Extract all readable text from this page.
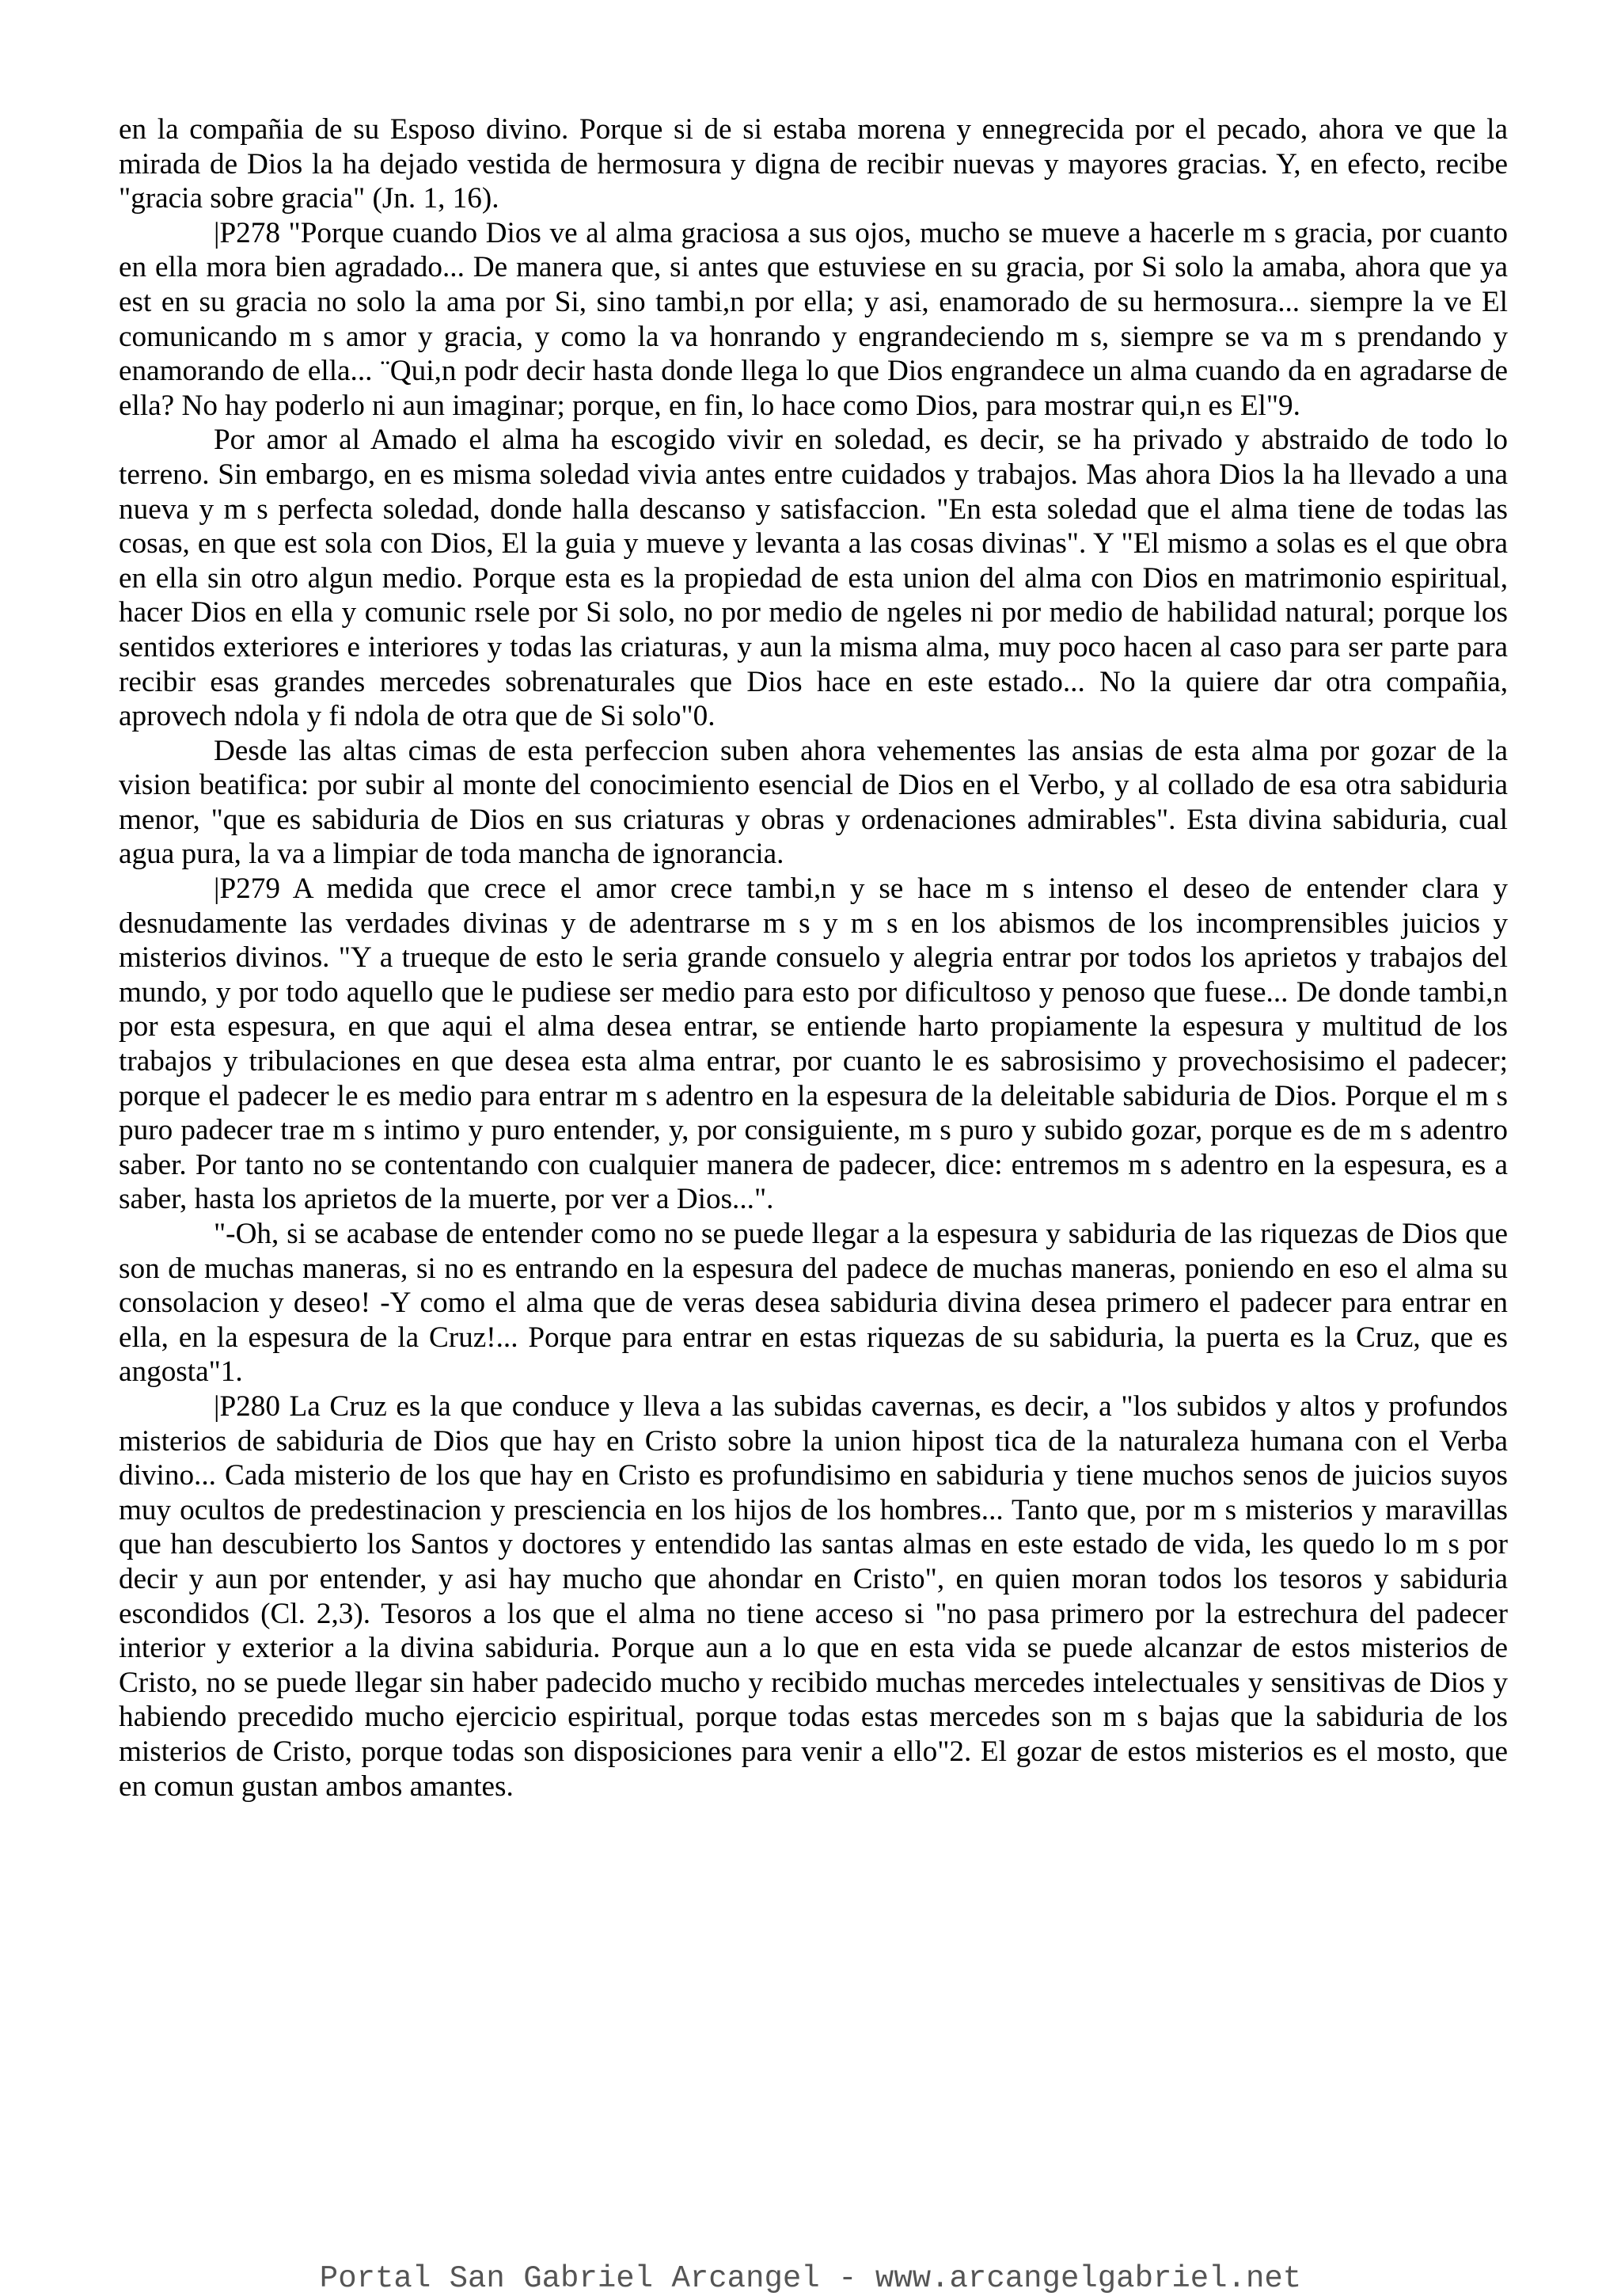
en la compañia de su Esposo divino. Porque si de si estaba morena y ennegrecida por el pecado, ahora ve que la mirada de Dios la ha dejado vestida de hermosura y digna de recibir nuevas y mayores gracias. Y, en efecto, recibe "gracia sobre gracia" (Jn. 1, 16).

|P278 "Porque cuando Dios ve al alma graciosa a sus ojos, mucho se mueve a hacerle m s gracia, por cuanto en ella mora bien agradado... De manera que, si antes que estuviese en su gracia, por Si solo la amaba, ahora que ya est en su gracia no solo la ama por Si, sino tambi,n por ella; y asi, enamorado de su hermosura... siempre la ve El comunicando m s amor y gracia, y como la va honrando y engrandeciendo m s, siempre se va m s prendando y enamorando de ella... ¨Qui,n podr decir hasta donde llega lo que Dios engrandece un alma cuando da en agradarse de ella? No hay poderlo ni aun imaginar; porque, en fin, lo hace como Dios, para mostrar qui,n es El"9.

Por amor al Amado el alma ha escogido vivir en soledad, es decir, se ha privado y abstraido de todo lo terreno. Sin embargo, en es misma soledad vivia antes entre cuidados y trabajos. Mas ahora Dios la ha llevado a una nueva y m s perfecta soledad, donde halla descanso y satisfaccion. "En esta soledad que el alma tiene de todas las cosas, en que est sola con Dios, El la guia y mueve y levanta a las cosas divinas". Y "El mismo a solas es el que obra en ella sin otro algun medio. Porque esta es la propiedad de esta union del alma con Dios en matrimonio espiritual, hacer Dios en ella y comunic rsele por Si solo, no por medio de ngeles ni por medio de habilidad natural; porque los sentidos exteriores e interiores y todas las criaturas, y aun la misma alma, muy poco hacen al caso para ser parte para recibir esas grandes mercedes sobrenaturales que Dios hace en este estado... No la quiere dar otra compañia, aprovech ndola y fi ndola de otra que de Si solo"0.

Desde las altas cimas de esta perfeccion suben ahora vehementes las ansias de esta alma por gozar de la vision beatifica: por subir al monte del conocimiento esencial de Dios en el Verbo, y al collado de esa otra sabiduria menor, "que es sabiduria de Dios en sus criaturas y obras y ordenaciones admirables". Esta divina sabiduria, cual agua pura, la va a limpiar de toda mancha de ignorancia.

|P279 A medida que crece el amor crece tambi,n y se hace m s intenso el deseo de entender clara y desnudamente las verdades divinas y de adentrarse m s y m s en los abismos de los incomprensibles juicios y misterios divinos. "Y a trueque de esto le seria grande consuelo y alegria entrar por todos los aprietos y trabajos del mundo, y por todo aquello que le pudiese ser medio para esto por dificultoso y penoso que fuese... De donde tambi,n por esta espesura, en que aqui el alma desea entrar, se entiende harto propiamente la espesura y multitud de los trabajos y tribulaciones en que desea esta alma entrar, por cuanto le es sabrosisimo y provechosisimo el padecer; porque el padecer le es medio para entrar m s adentro en la espesura de la deleitable sabiduria de Dios. Porque el m s puro padecer trae m s intimo y puro entender, y, por consiguiente, m s puro y subido gozar, porque es de m s adentro saber. Por tanto no se contentando con cualquier manera de padecer, dice: entremos m s adentro en la espesura, es a saber, hasta los aprietos de la muerte, por ver a Dios...".

"-Oh, si se acabase de entender como no se puede llegar a la espesura y sabiduria de las riquezas de Dios que son de muchas maneras, si no es entrando en la espesura del padece de muchas maneras, poniendo en eso el alma su consolacion y deseo! -Y como el alma que de veras desea sabiduria divina desea primero el padecer para entrar en ella, en la espesura de la Cruz!... Porque para entrar en estas riquezas de su sabiduria, la puerta es la Cruz, que es angosta"1.

|P280 La Cruz es la que conduce y lleva a las subidas cavernas, es decir, a "los subidos y altos y profundos misterios de sabiduria de Dios que hay en Cristo sobre la union hipost tica de la naturaleza humana con el Verba divino... Cada misterio de los que hay en Cristo es profundisimo en sabiduria y tiene muchos senos de juicios suyos muy ocultos de predestinacion y presciencia en los hijos de los hombres... Tanto que, por m s misterios y maravillas que han descubierto los Santos y doctores y entendido las santas almas en este estado de vida, les quedo lo m s por decir y aun por entender, y asi hay mucho que ahondar en Cristo", en quien moran todos los tesoros y sabiduria escondidos (Cl. 2,3). Tesoros a los que el alma no tiene acceso si "no pasa primero por la estrechura del padecer interior y exterior a la divina sabiduria. Porque aun a lo que en esta vida se puede alcanzar de estos misterios de Cristo, no se puede llegar sin haber padecido mucho y recibido muchas mercedes intelectuales y sensitivas de Dios y habiendo precedido mucho ejercicio espiritual, porque todas estas mercedes son m s bajas que la sabiduria de los misterios de Cristo, porque todas son disposiciones para venir a ello"2. El gozar de estos misterios es el mosto, que en comun gustan ambos amantes.

Portal San Gabriel Arcangel - www.arcangelgabriel.net
